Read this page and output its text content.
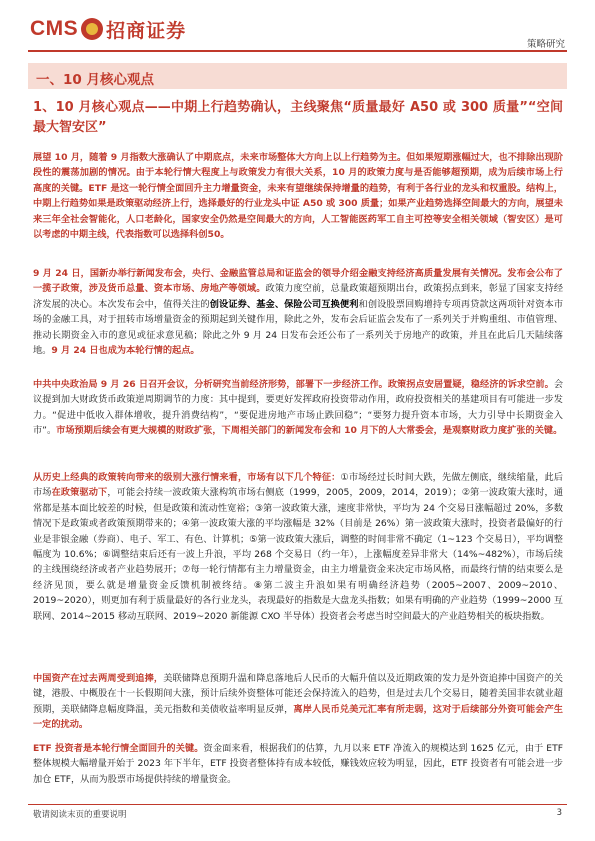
CMS 招商证券
策略研究
一、10 月核心观点
1、10 月核心观点——中期上行趋势确认，主线聚焦“质量最好 A50 或 300 质量”“空间最大智安区”
展望 10 月，随着 9 月指数大涨确认了中期底点，未来市场整体大方向上以上行趋势为主。但如果短期涨幅过大，也不排除出现阶段性的震荡加剧的情况。由于本轮行情大程度上与政策发力有很大关系，10 月的政策力度与是否能够超预期，成为后续市场上行高度的关键。ETF 是这一轮行情全面回升主力增量资金，未来有望继续保持增量的趋势，有利于各行业的龙头和权重股。结构上，中期上行趋势如果是政策驱动经济上行，选择最好的行业龙头中证 A50 或 300 质量；如果产业趋势选择空间最大的方向，展望未来三年全社会智能化，人口老龄化，国家安全仍然是空间最大的方向，人工智能医药军工自主可控等安全相关领域（智安区）是可以考虑的中期主线，代表指数可以选择科创50。
9 月 24 日，国新办举行新闻发布会，央行、金融监管总局和证监会的领导介绍金融支持经济高质量发展有关情况。发布会公布了一揽子政策，涉及货币总量、资本市场、房地产等领域。政策力度空前，总量政策超预期出台，政策拐点到来，彰显了国家支持经济发展的决心。本次发布会中，值得关注的创设证券、基金、保险公司互换便利和创设股票回购增持专项再贷款这两项针对资本市场的金融工具，对于扭转市场增量资金的预期起到关键作用，除此之外，发布会后证监会发布了一系列关于并购重组、市值管理、推动长期资金入市的意见或征求意见稿；除此之外 9 月 24 日发布会还公布了一系列关于房地产的政策，并且在此后几天陆续落地。9 月 24 日也成为本轮行情的起点。
中共中央政治局 9 月 26 日召开会议，分析研究当前经济形势，部署下一步经济工作。政策拐点安居置疑，稳经济的诉求空前。会议提到加大财政货币政策逆周期调节的力度：其中提到，要更好发挥政府投资带动作用，政府投资相关的基建项目有可能进一步发力。“促进中低收入群体增收，提升消费结构”，“要促进房地产市场止跌回稳”；“要努力提升资本市场，大力引导中长期资金入市”。市场预期后续会有更大规模的财政扩张，下周相关部门的新闻发布会和 10 月下的人大常委会，是观察财政力度扩张的关键。
从历史上经典的政策转向带来的级别大涨行情来看，市场有以下几个特征：①市场经过长时间大跌，先做左侧底，继续缩量，此后市场在政策驱动下，可能会持续一波政策大涨构筑市场右侧底（1999，2005，2009，2014，2019）；②第一波政策大涨时，通常都是基本面比较差的时候，但是政策和流动性宽裕；③第一波政策大涨，速度非常快，平均为 24 个交易日涨幅超过 20%，多数情况下是政策或者政策预期带来的；④第一波政策大涨的平均涨幅是 32%（目前是 26%）第一波政策大涨时，投资者最偏好的行业是非银金融（券商）、电子、军工、有色、计算机；⑤第一波政策大涨后，调整的时间非常不确定（1~123 个交易日），平均调整幅度为 10.6%；⑥调整结束后还有一波上升浪，平均 268 个交易日（约一年），上涨幅度差异非常大（14%~482%），市场后续的主线围绕经济或者产业趋势展开；⑦每一轮行情都有主力增量资金，由主力增量资金来决定市场风格，而最终行情的结束要么是经济见顶，要么就是增量资金反馈机制被终结。⑧第二波主升浪如果有明确经济趋势（2005~2007、2009~2010、2019~2020），则更加有利于质量最好的各行业龙头，表现最好的指数是大盘龙头指数；如果有明确的产业趋势（1999~2000 互联网、2014~2015 移动互联网、2019~2020 新能源 CXO 半导体）投资者会考虑当时空间最大的产业趋势相关的板块指数。
中国资产在过去两周受到追捧，美联储降息预期升温和降息落地后人民币的大幅升值以及近期政策的发力是外资追捧中国资产的关键，港股、中概股在十一长假期间大涨，预计后续外资整体可能还会保持流入的趋势，但是过去几个交易日，随着美国非农就业超预期，美联储降息幅度降温，美元指数和美债收益率明显反弹，离岸人民币兑美元汇率有所走弱，这对于后续部分外资可能会产生一定的扰动。
ETF 投资者是本轮行情全面回升的关键。资金面来看，根据我们的估算，九月以来 ETF 净流入的规模达到 1625 亿元，由于 ETF 整体规模大幅增量开始于 2023 年下半年，ETF 投资者整体持有成本较低，赚钱效应较为明显，因此，ETF 投资者有可能会进一步加仓 ETF，从而为股票市场提供持续的增量资金。
敬请阅读末页的重要说明	3
